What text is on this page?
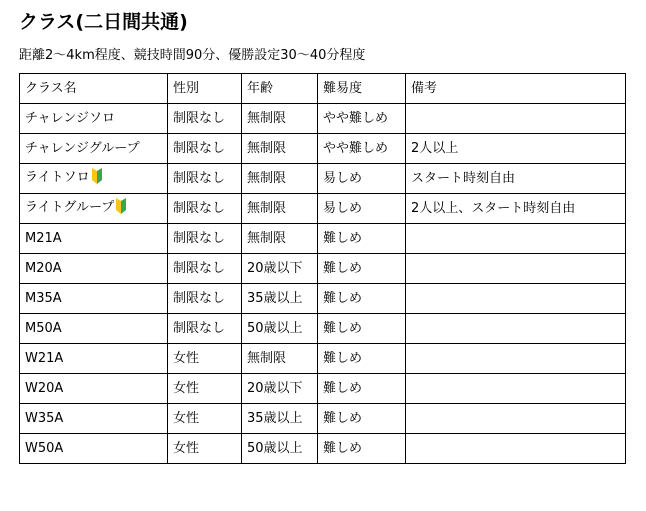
クラス(二日間共通)
距離2～4km程度、競技時間90分、優勝設定30～40分程度
クラス名	性別	年齢	難易度	備考
チャレンジソロ	制限なし	無制限	やや難しめ	
チャレンジグループ	制限なし	無制限	やや難しめ	2人以上
ライトソロ	制限なし	無制限	易しめ	スタート時刻自由
ライトグループ	制限なし	無制限	易しめ	2人以上、スタート時刻自由
M21A	制限なし	無制限	難しめ	
M20A	制限なし	20歳以下	難しめ	
M35A	制限なし	35歳以上	難しめ	
M50A	制限なし	50歳以上	難しめ	
W21A	女性	無制限	難しめ	
W20A	女性	20歳以下	難しめ	
W35A	女性	35歳以上	難しめ	
W50A	女性	50歳以上	難しめ	
